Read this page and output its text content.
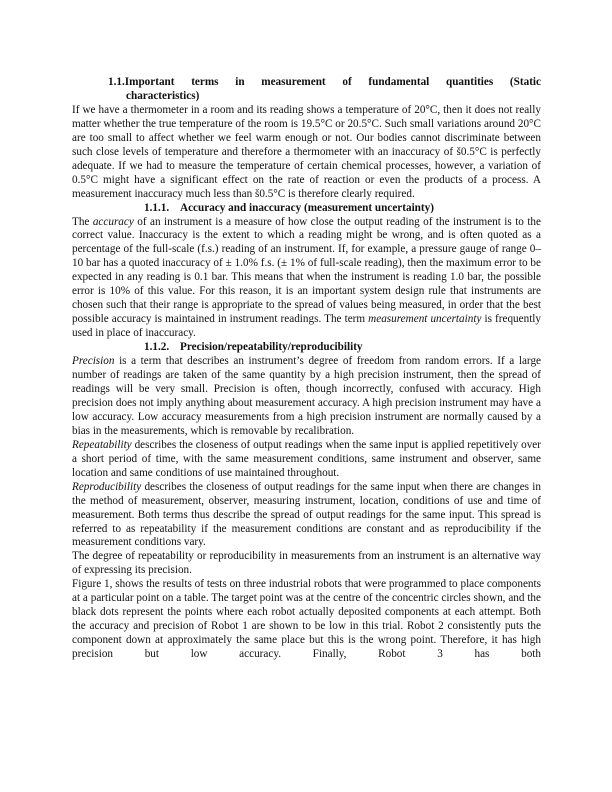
1.1.Important terms in measurement of fundamental quantities (Static

characteristics)

If we have a thermometer in a room and its reading shows a temperature of 20°C, then it does not really matter whether the true temperature of the room is 19.5°C or 20.5°C. Such small variations around 20°C are too small to affect whether we feel warm enough or not. Our bodies cannot discriminate between such close levels of temperature and therefore a thermometer with an inaccuracy of š0.5°C is perfectly adequate. If we had to measure the temperature of certain chemical processes, however, a variation of 0.5°C might have a significant effect on the rate of reaction or even the products of a process. A measurement inaccuracy much less than š0.5°C is therefore clearly required.

1.1.1. Accuracy and inaccuracy (measurement uncertainty)

The accuracy of an instrument is a measure of how close the output reading of the instrument is to the correct value. Inaccuracy is the extent to which a reading might be wrong, and is often quoted as a percentage of the full-scale (f.s.) reading of an instrument. If, for example, a pressure gauge of range 0–10 bar has a quoted inaccuracy of ± 1.0% f.s. (± 1% of full-scale reading), then the maximum error to be expected in any reading is 0.1 bar. This means that when the instrument is reading 1.0 bar, the possible error is 10% of this value. For this reason, it is an important system design rule that instruments are chosen such that their range is appropriate to the spread of values being measured, in order that the best possible accuracy is maintained in instrument readings. The term measurement uncertainty is frequently used in place of inaccuracy.

1.1.2. Precision/repeatability/reproducibility

Precision is a term that describes an instrument’s degree of freedom from random errors. If a large number of readings are taken of the same quantity by a high precision instrument, then the spread of readings will be very small. Precision is often, though incorrectly, confused with accuracy. High precision does not imply anything about measurement accuracy. A high precision instrument may have a low accuracy. Low accuracy measurements from a high precision instrument are normally caused by a bias in the measurements, which is removable by recalibration.

Repeatability describes the closeness of output readings when the same input is applied repetitively over a short period of time, with the same measurement conditions, same instrument and observer, same location and same conditions of use maintained throughout.

Reproducibility describes the closeness of output readings for the same input when there are changes in the method of measurement, observer, measuring instrument, location, conditions of use and time of measurement. Both terms thus describe the spread of output readings for the same input. This spread is referred to as repeatability if the measurement conditions are constant and as reproducibility if the measurement conditions vary.

The degree of repeatability or reproducibility in measurements from an instrument is an alternative way of expressing its precision.

Figure 1, shows the results of tests on three industrial robots that were programmed to place components at a particular point on a table. The target point was at the centre of the concentric circles shown, and the black dots represent the points where each robot actually deposited components at each attempt. Both the accuracy and precision of Robot 1 are shown to be low in this trial. Robot 2 consistently puts the component down at approximately the same place but this is the wrong point. Therefore, it has high precision but low accuracy. Finally, Robot 3 has both
